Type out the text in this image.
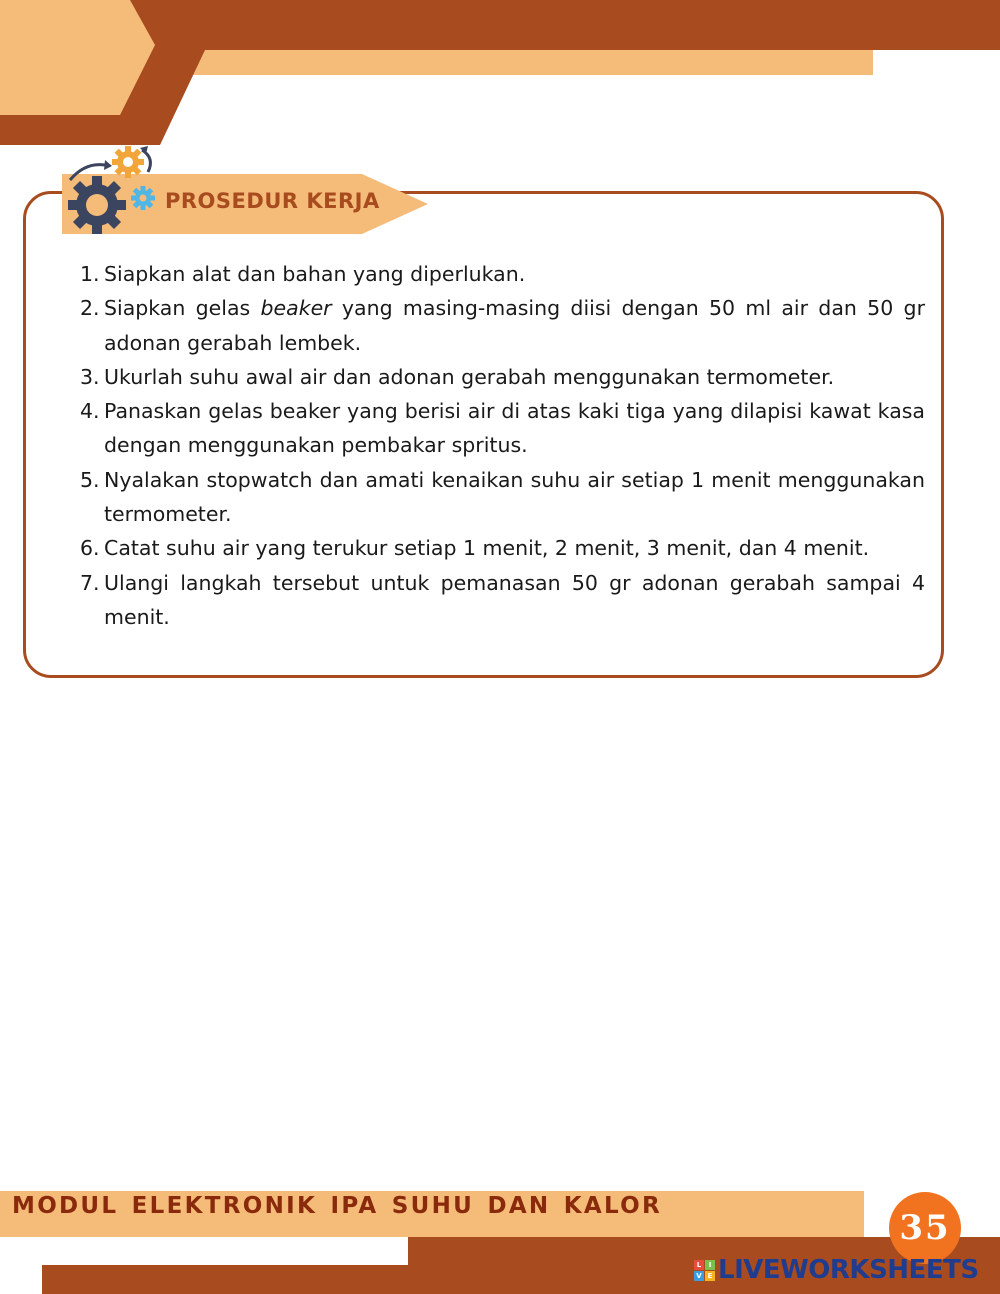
PROSEDUR KERJA
1. Siapkan alat dan bahan yang diperlukan.
2. Siapkan gelas beaker yang masing-masing diisi dengan 50 ml air dan 50 gr adonan gerabah lembek.
3. Ukurlah suhu awal air dan adonan gerabah menggunakan termometer.
4. Panaskan gelas beaker yang berisi air di atas kaki tiga yang dilapisi kawat kasa dengan menggunakan pembakar spritus.
5. Nyalakan stopwatch dan amati kenaikan suhu air setiap 1 menit menggunakan termometer.
6. Catat suhu air yang terukur setiap 1 menit, 2 menit, 3 menit, dan 4 menit.
7. Ulangi langkah tersebut untuk pemanasan 50 gr adonan gerabah sampai 4 menit.
MODUL ELEKTRONIK IPA SUHU DAN KALOR
35
L	I
V E LIVEWORKSHEETS
